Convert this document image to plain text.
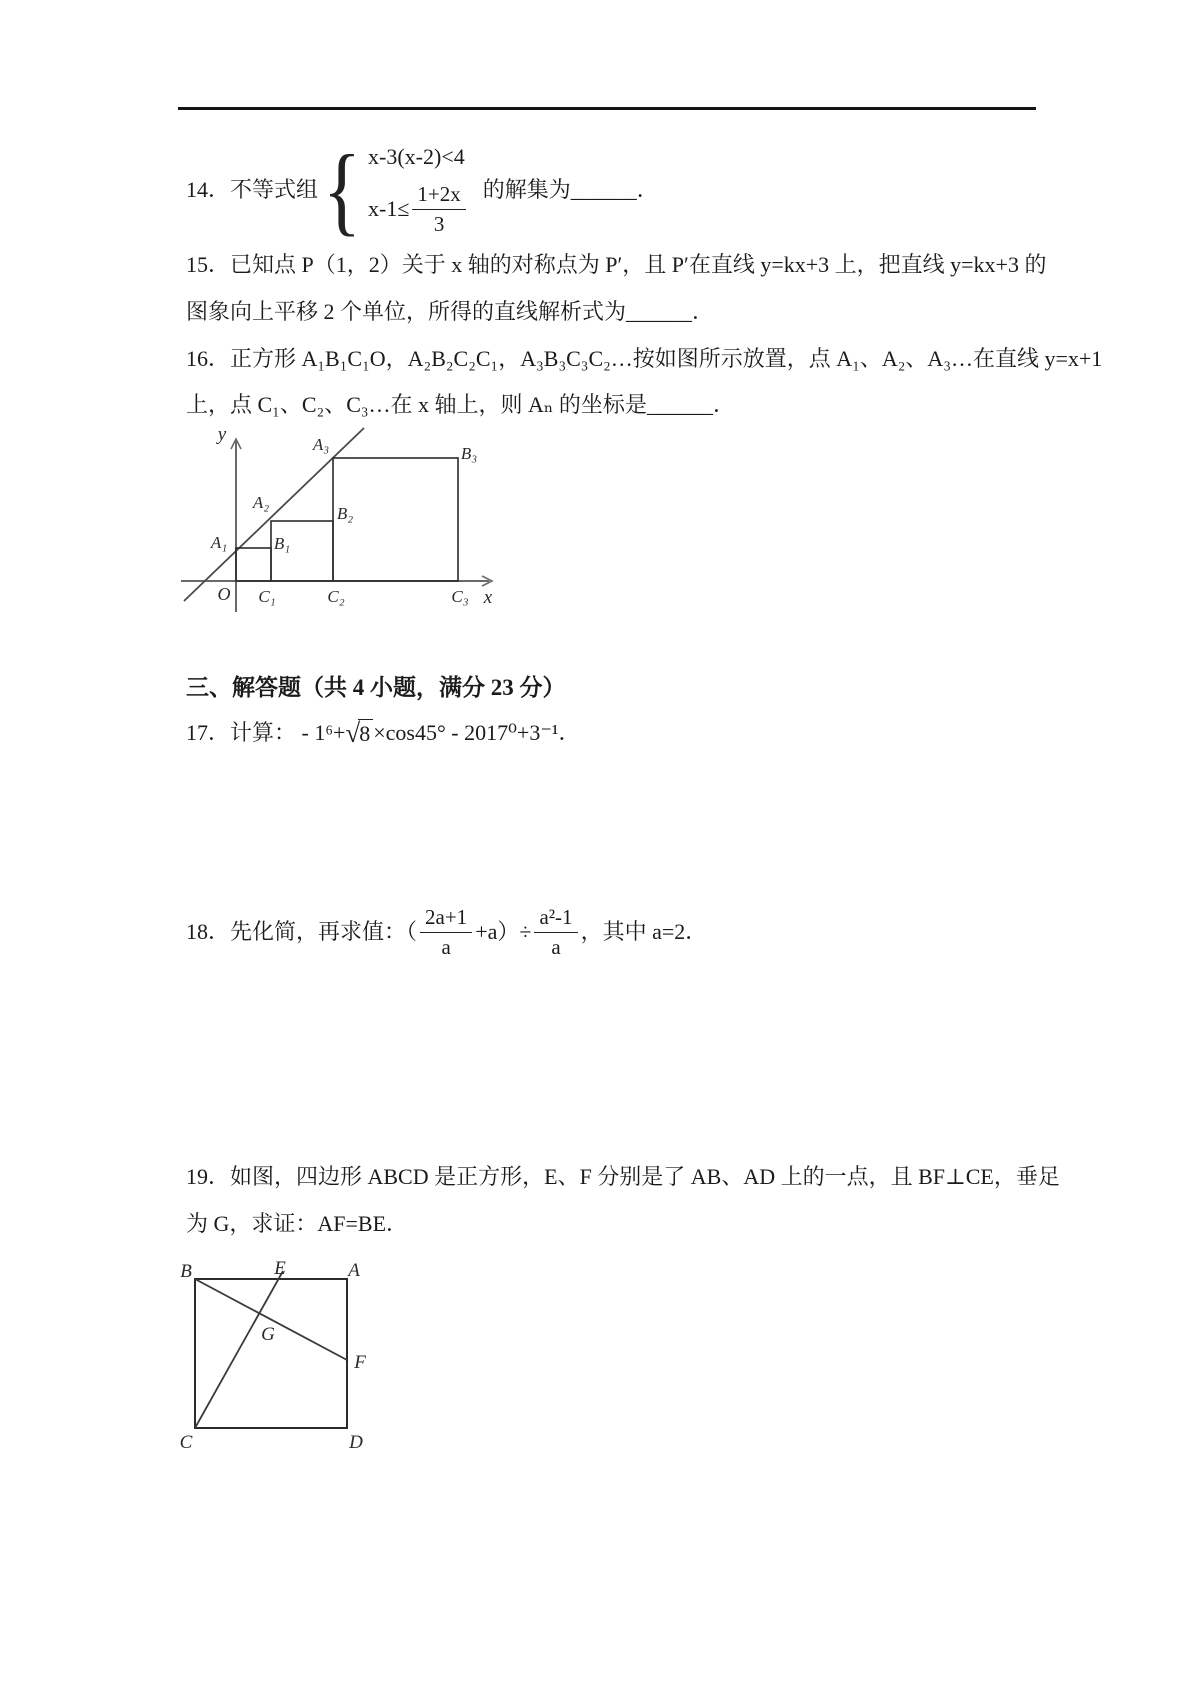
14．不等式组 { x-3(x-2)<4
$x-1\le \frac{1+2x}{3}$ 的解集为______．
15．已知点 P（1，2）关于 x 轴的对称点为 P′，且 P′在直线 y=kx+3 上，把直线 y=kx+3 的
图象向上平移 2 个单位，所得的直线解析式为______．
16．正方形 A₁B₁C₁O，A₂B₂C₂C₁，A₃B₃C₃C₂…按如图所示放置，点 A₁、A₂、A₃…在直线 y=x+1
上，点 C₁、C₂、C₃…在 x 轴上，则 Aₙ 的坐标是______．
y
x
O
A₁	B₁
A₂
B₂
A₃	B₃
C₁	C₂	C₃
三、解答题（共 4 小题，满分 23 分）
17．计算： - 1⁶+ √ 8 ×cos45° - 2017⁰+3⁻¹．
18．先化简，再求值：（ $\frac{2a+1}{a} +a)\div \frac{\text{a²-1}}{a}$ ，其中 a=2．
19．如图，四边形 ABCD 是正方形，E、F 分别是了 AB、AD 上的一点，且 BF⊥CE，垂足
为 G，求证：AF=BE．
B	E	A
G
F
C	D
